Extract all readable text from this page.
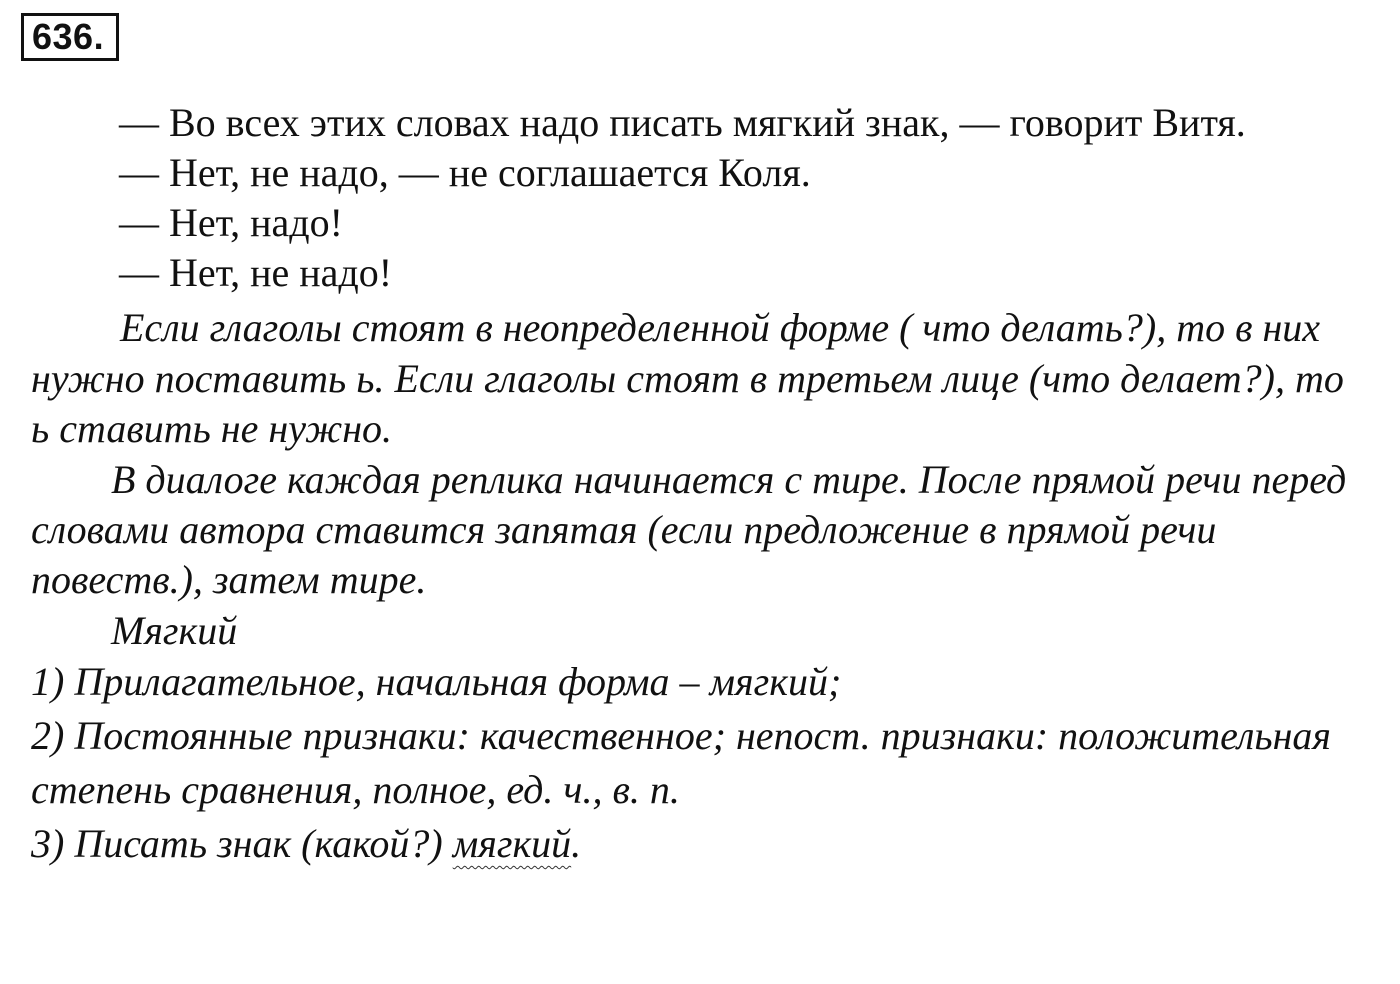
636.
— Во всех этих словах надо писать мягкий знак, — говорит Витя.
— Нет, не надо, — не соглашается Коля.
— Нет, надо!
— Нет, не надо!
Если глаголы стоят в неопределенной форме ( что делать?), то в них
нужно поставить ь. Если глаголы стоят в третьем лице (что делает?), то
ь ставить не нужно.
В диалоге каждая реплика начинается с тире. После прямой речи перед
словами автора ставится запятая (если предложение в прямой речи
повеств.), затем тире.
Мягкий
1) Прилагательное, начальная форма – мягкий;
2) Постоянные признаки: качественное; непост. признаки: положительная
степень сравнения, полное, ед. ч., в. п.
3) Писать знак (какой?) мягкий.
